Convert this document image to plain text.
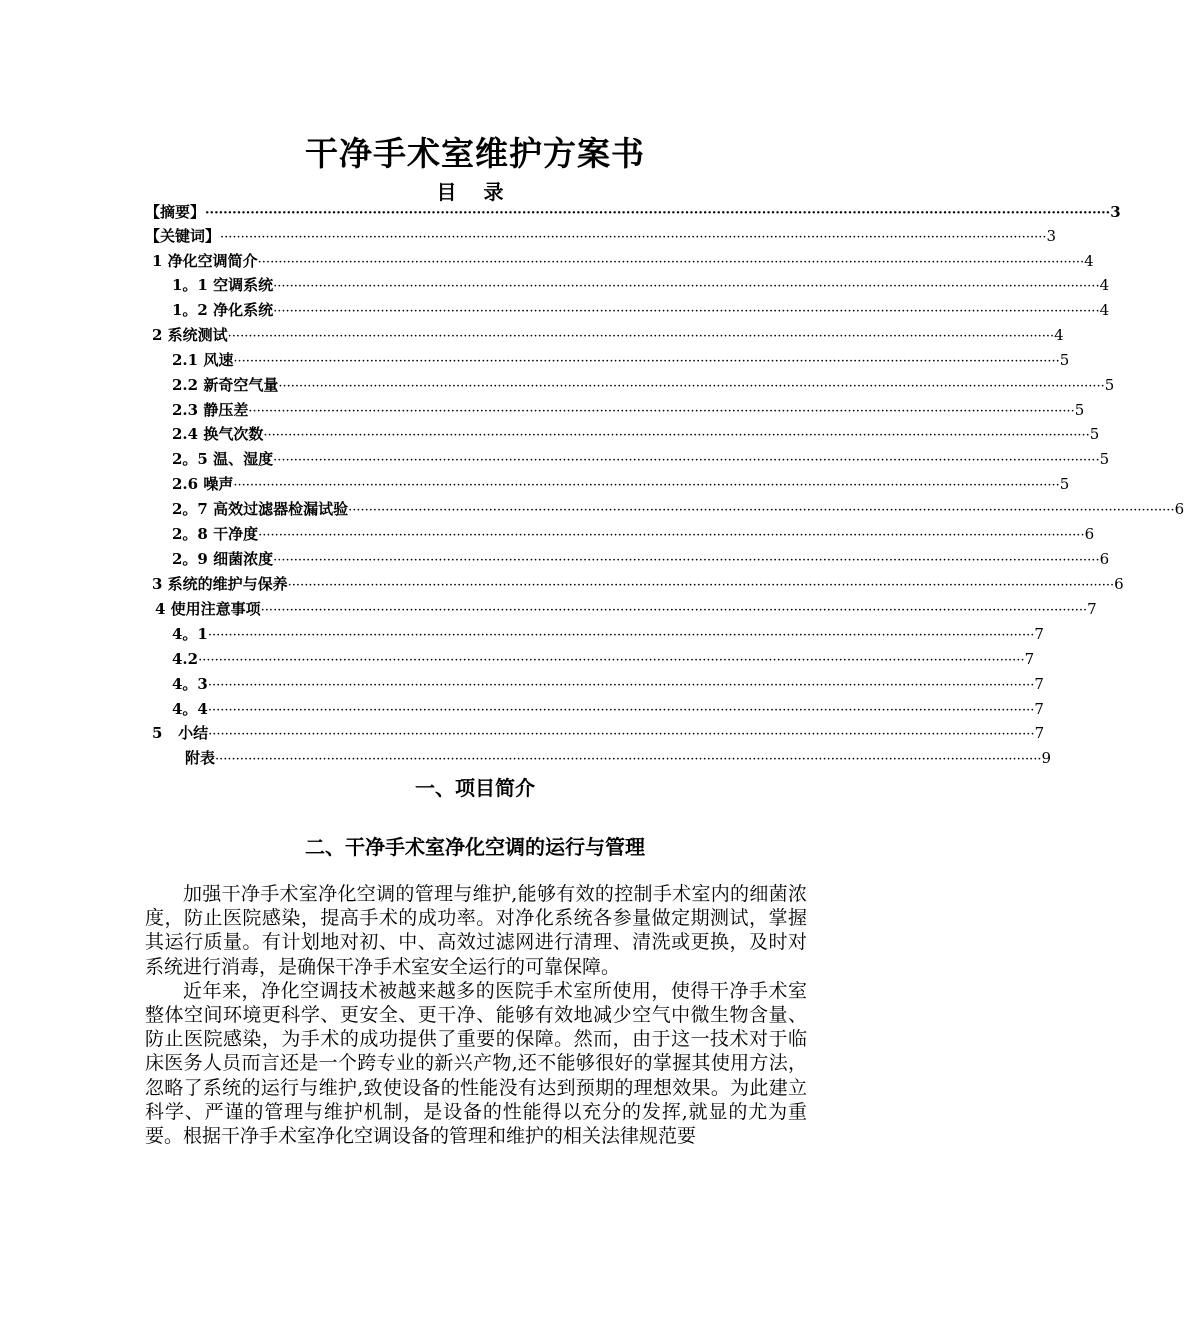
干净手术室维护方案书
目 录
【摘要】 ········································································································································································································ 3
【关键词】 ········································································································································································································ 3
1 净化空调简介 ········································································································································································································ 4
1。1 空调系统 ········································································································································································································ 4
1。2 净化系统 ········································································································································································································ 4
2 系统测试 ········································································································································································································ 4
2.1 风速 ········································································································································································································ 5
2.2 新奇空气量 ········································································································································································································ 5
2.3 静压差 ········································································································································································································ 5
2.4 换气次数 ········································································································································································································ 5
2。5 温、湿度 ········································································································································································································ 5
2.6 噪声 ········································································································································································································ 5
2。7 高效过滤器检漏试验 ········································································································································································································ 6
2。8 干净度 ········································································································································································································ 6
2。9 细菌浓度 ········································································································································································································ 6
3 系统的维护与保养 ········································································································································································································ 6
4 使用注意事项 ········································································································································································································ 7
4。1 ········································································································································································································ 7
4.2 ········································································································································································································ 7
4。3 ········································································································································································································ 7
4。4 ········································································································································································································ 7
5   小结 ········································································································································································································ 7
附表 ········································································································································································································ 9
一、项目简介
二、干净手术室净化空调的运行与管理

加强干净手术室净化空调的管理与维护,能够有效的控制手术室内的细菌浓度，防止医院感染，提高手术的成功率。对净化系统各参量做定期测试，掌握其运行质量。有计划地对初、中、高效过滤网进行清理、清洗或更换，及时对系统进行消毒，是确保干净手术室安全运行的可靠保障。

近年来，净化空调技术被越来越多的医院手术室所使用，使得干净手术室整体空间环境更科学、更安全、更干净、能够有效地减少空气中微生物含量、防止医院感染，为手术的成功提供了重要的保障。然而，由于这一技术对于临床医务人员而言还是一个跨专业的新兴产物,还不能够很好的掌握其使用方法，忽略了系统的运行与维护,致使设备的性能没有达到预期的理想效果。为此建立科学、严谨的管理与维护机制，是设备的性能得以充分的发挥,就显的尤为重要。根据干净手术室净化空调设备的管理和维护的相关法律规范要
